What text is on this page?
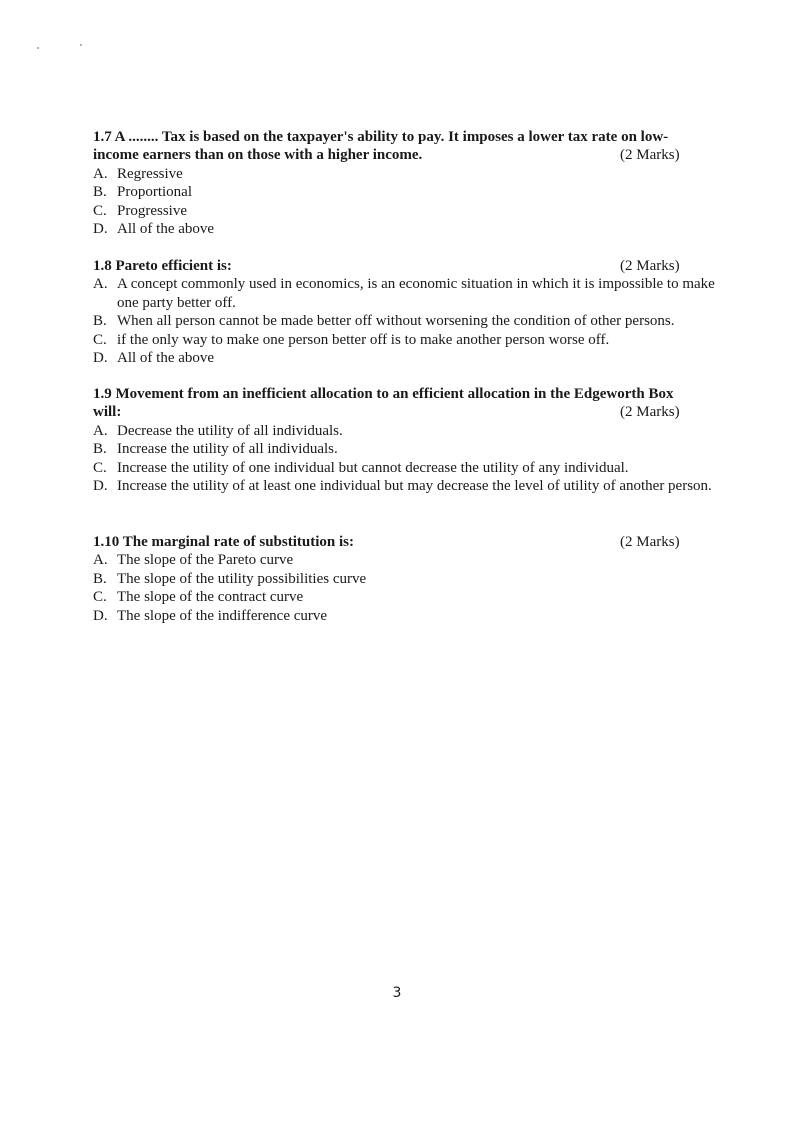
1.7 A ........ Tax is based on the taxpayer's ability to pay. It imposes a lower tax rate on low-
income earners than on those with a higher income.	(2 Marks)
A. Regressive
B. Proportional
C. Progressive
D. All of the above
1.8 Pareto efficient is:	(2 Marks)
A. A concept commonly used in economics, is an economic situation in which it is impossible to make one party better off.
B. When all person cannot be made better off without worsening the condition of other persons.
C. if the only way to make one person better off is to make another person worse off.
D. All of the above
1.9 Movement from an inefficient allocation to an efficient allocation in the Edgeworth Box
will:	(2 Marks)
A. Decrease the utility of all individuals.
B. Increase the utility of all individuals.
C. Increase the utility of one individual but cannot decrease the utility of any individual.
D. Increase the utility of at least one individual but may decrease the level of utility of another person.
1.10 The marginal rate of substitution is:	(2 Marks)
A. The slope of the Pareto curve
B. The slope of the utility possibilities curve
C. The slope of the contract curve
D. The slope of the indifference curve
3
